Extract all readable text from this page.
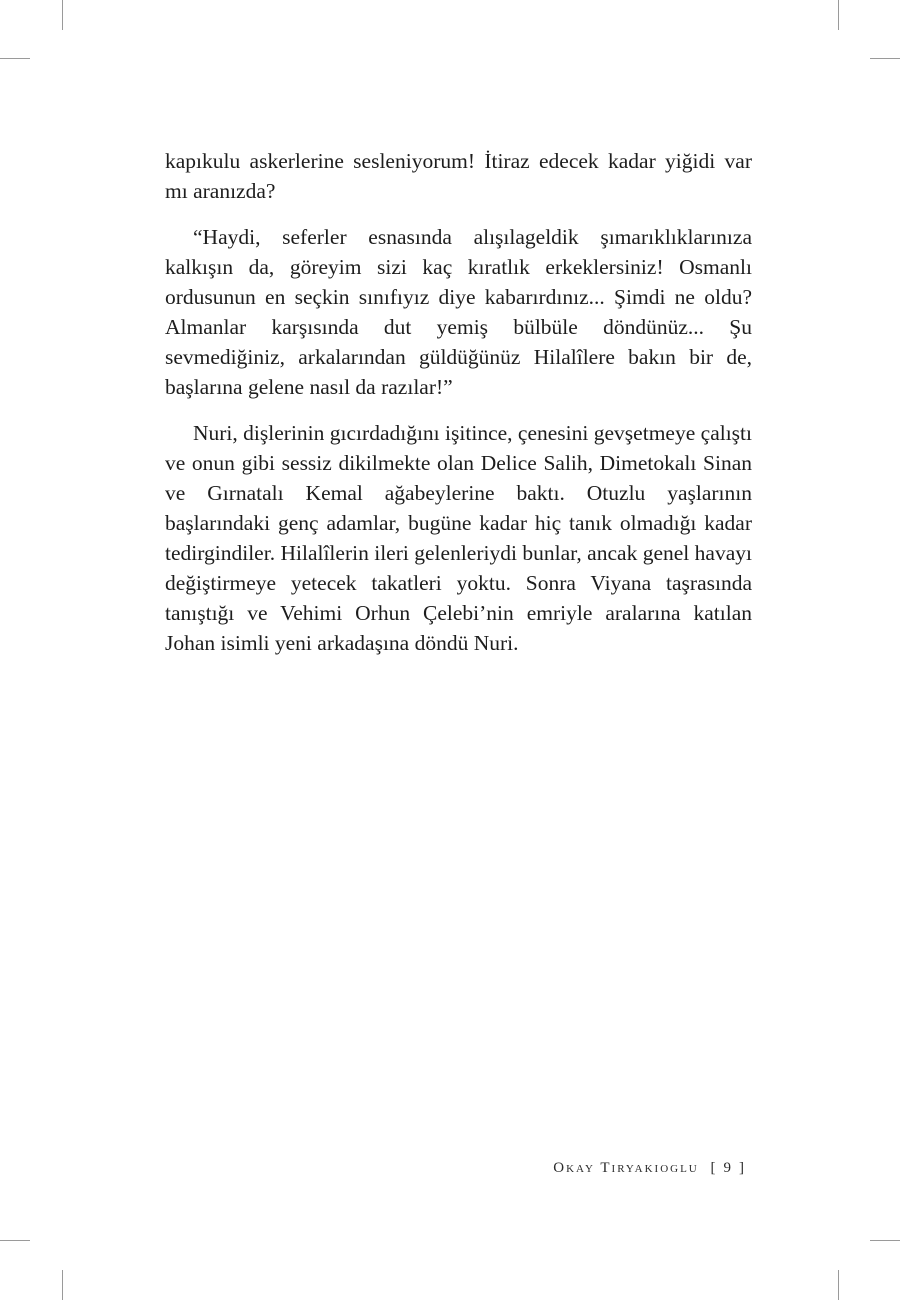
kapıkulu askerlerine sesleniyorum! İtiraz edecek kadar yiğidi var mı aranızda?

“Haydi, seferler esnasında alışılageldik şımarıklıklarınıza kalkışın da, göreyim sizi kaç kıratlık erkeklersiniz! Osmanlı ordusunun en seçkin sınıfıyız diye kabarırdınız... Şimdi ne oldu? Almanlar karşısında dut yemiş bülbüle döndünüz... Şu sevmediğiniz, arkalarından güldüğünüz Hilalîlere bakın bir de, başlarına gelene nasıl da razılar!”

Nuri, dişlerinin gıcırdadığını işitince, çenesini gevşetmeye çalıştı ve onun gibi sessiz dikilmekte olan Delice Salih, Dimetokalı Sinan ve Gırnatalı Kemal ağabeylerine baktı. Otuzlu yaşlarının başlarındaki genç adamlar, bugüne kadar hiç tanık olmadığı kadar tedirgindiler. Hilalîlerin ileri gelenleriydi bunlar, ancak genel havayı değiştirmeye yetecek takatleri yoktu. Sonra Viyana taşrasında tanıştığı ve Vehimi Orhun Çelebi’nin emriyle aralarına katılan Johan isimli yeni arkadaşına döndü Nuri.

Okay Tiryakioglu [ 9 ]
